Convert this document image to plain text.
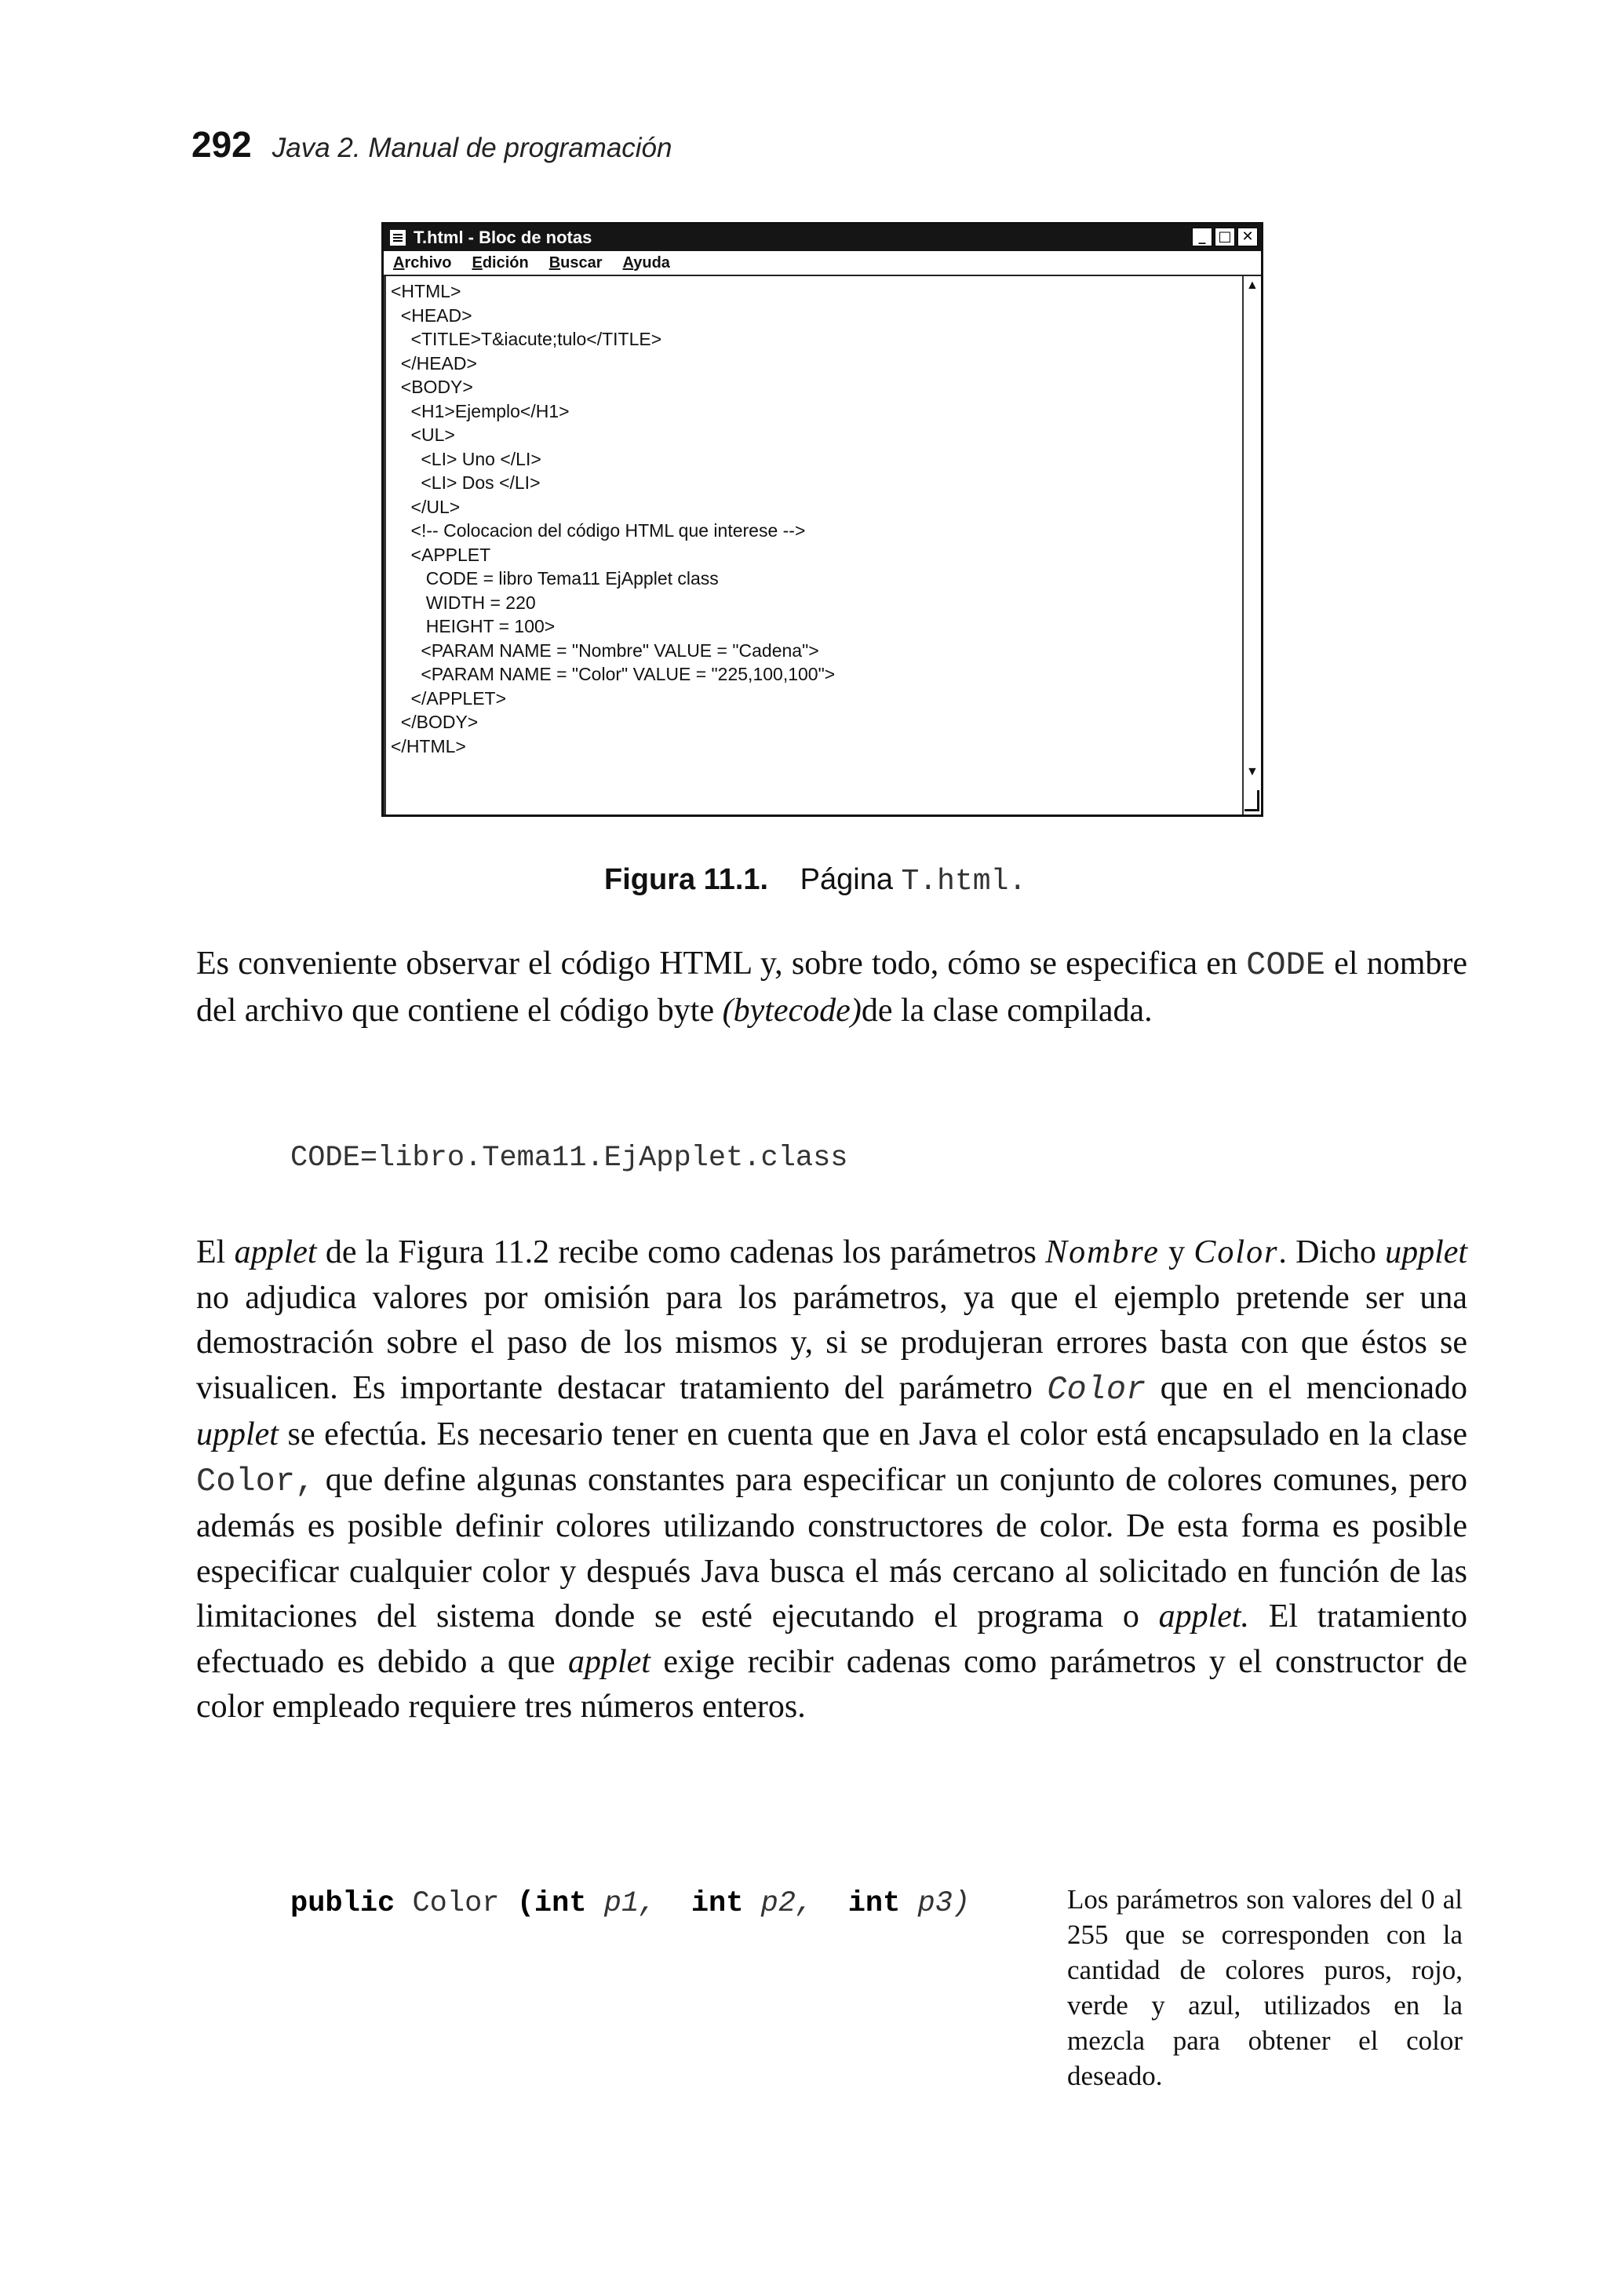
292 Java 2. Manual de programación
T.html - Bloc de notas	_ □ ✕
Archivo Edición Buscar Ayuda
<HTML>
<HEAD>
<TITLE>T&iacute;tulo</TITLE>
</HEAD>
<BODY>
<H1>Ejemplo</H1>
<UL>
<LI> Uno </LI>
<LI> Dos </LI>
</UL>
<!-- Colocacion del código HTML que interese -->
<APPLET
CODE = libro Tema11 EjApplet class
WIDTH = 220
HEIGHT = 100>
<PARAM NAME = "Nombre" VALUE = "Cadena">
<PARAM NAME = "Color" VALUE = "225,100,100">
</APPLET>
</BODY>
</HTML>
▲
▼
Figura 11.1. Página T.html.
Es conveniente observar el código HTML y, sobre todo, cómo se especifica en CODE el nombre del archivo que contiene el código byte (bytecode)de la clase compilada.
CODE=libro.Tema11.EjApplet.class
El applet de la Figura 11.2 recibe como cadenas los parámetros Nombre y Color. Dicho upplet no adjudica valores por omisión para los parámetros, ya que el ejemplo pretende ser una demostración sobre el paso de los mismos y, si se produjeran errores basta con que éstos se visualicen. Es importante destacar tratamiento del parámetro Color que en el mencionado upplet se efectúa. Es necesario tener en cuenta que en Java el color está encapsulado en la clase Color, que define algunas constantes para especificar un conjunto de colores comunes, pero además es posible definir colores utilizando constructores de color. De esta forma es posible especificar cualquier color y después Java busca el más cercano al solicitado en función de las limitaciones del sistema donde se esté ejecutando el programa o applet. El tratamiento efectuado es debido a que applet exige recibir cadenas como parámetros y el constructor de color empleado requiere tres números enteros.
public Color (int p1, int p2, int p3)	Los parámetros son valores del 0 al 255 que se corresponden con la cantidad de colores puros, rojo, verde y azul, utilizados en la mezcla para obtener el color deseado.
